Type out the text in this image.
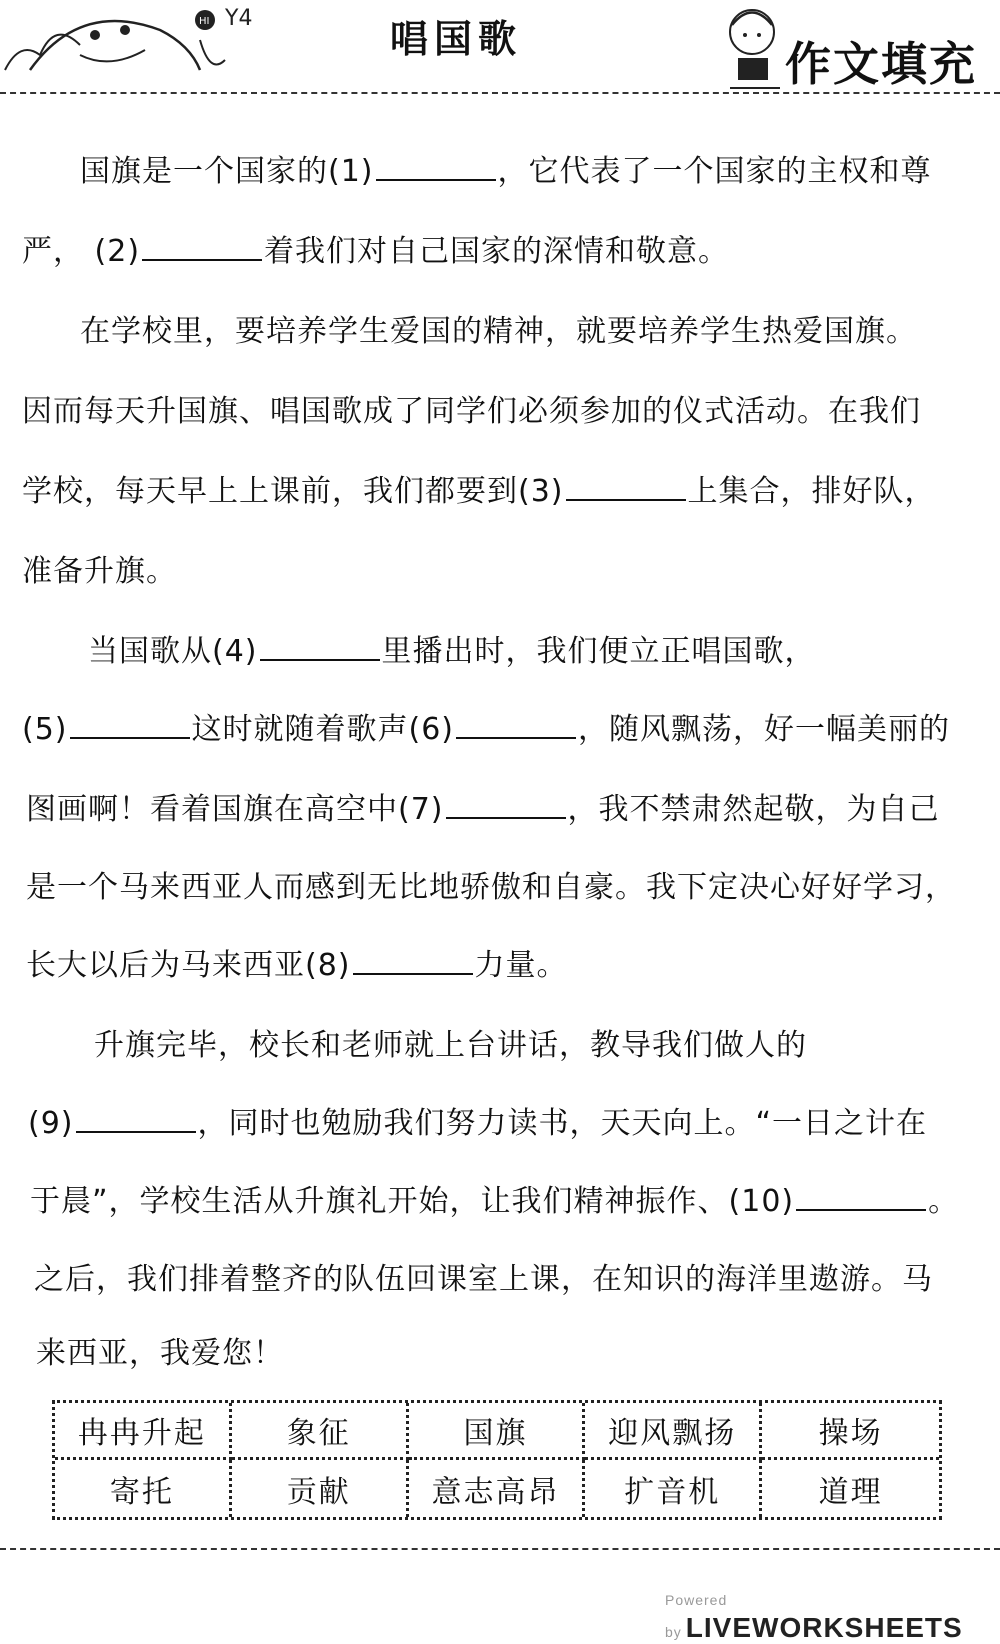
HI Y4	唱国歌	作文填充
国旗是一个国家的(1)	，它代表了一个国家的主权和尊
严， (2)	着我们对自己国家的深情和敬意。
在学校里，要培养学生爱国的精神，就要培养学生热爱国旗。
因而每天升国旗、唱国歌成了同学们必须参加的仪式活动。在我们
学校，每天早上上课前，我们都要到(3)	上集合，排好队，
准备升旗。
当国歌从(4)	里播出时，我们便立正唱国歌，
(5)	这时就随着歌声(6)	，随风飘荡，好一幅美丽的
图画啊！看着国旗在高空中(7)	，我不禁肃然起敬，为自己
是一个马来西亚人而感到无比地骄傲和自豪。我下定决心好好学习，
长大以后为马来西亚(8)	力量。
升旗完毕，校长和老师就上台讲话，教导我们做人的
(9)	，同时也勉励我们努力读书，天天向上。“一日之计在
于晨”，学校生活从升旗礼开始，让我们精神振作、(10)	。
之后，我们排着整齐的队伍回课室上课，在知识的海洋里遨游。马
来西亚，我爱您！
冉冉升起	象征	国旗	迎风飘扬	操场
寄托	贡献	意志高昂	扩音机	道理
Powered by LIVEWORKSHEETS
